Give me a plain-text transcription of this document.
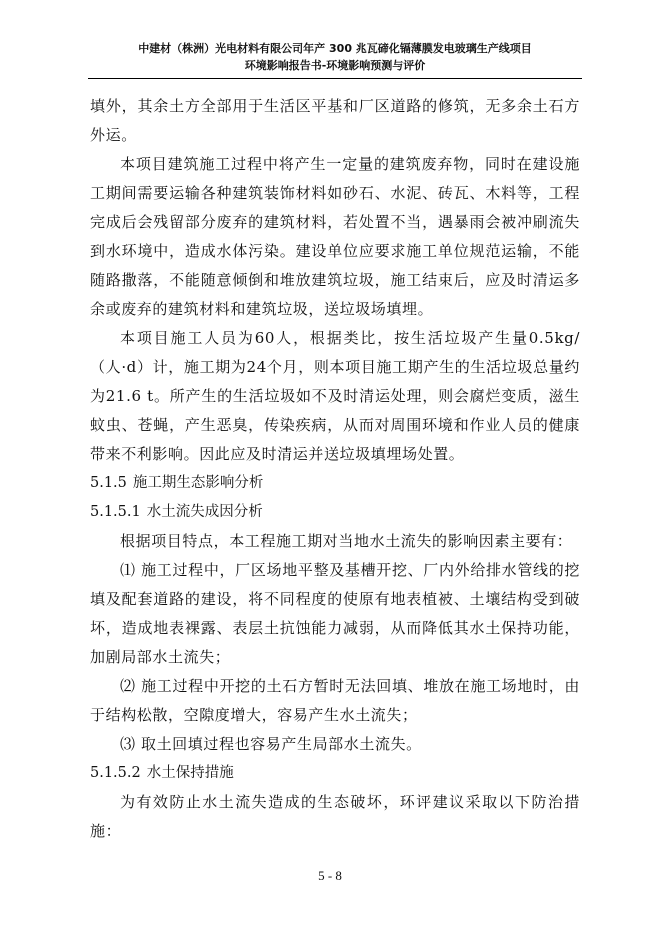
中建材（株洲）光电材料有限公司年产 300 兆瓦碲化镉薄膜发电玻璃生产线项目
环境影响报告书-环境影响预测与评价

填外，其余土方全部用于生活区平基和厂区道路的修筑，无多余土石方外运。

本项目建筑施工过程中将产生一定量的建筑废弃物，同时在建设施工期间需要运输各种建筑装饰材料如砂石、水泥、砖瓦、木料等，工程完成后会残留部分废弃的建筑材料，若处置不当，遇暴雨会被冲刷流失到水环境中，造成水体污染。建设单位应要求施工单位规范运输，不能随路撒落，不能随意倾倒和堆放建筑垃圾，施工结束后，应及时清运多余或废弃的建筑材料和建筑垃圾，送垃圾场填埋。

本项目施工人员为60人，根据类比，按生活垃圾产生量0.5kg/（人·d）计，施工期为24个月，则本项目施工期产生的生活垃圾总量约为21.6 t。所产生的生活垃圾如不及时清运处理，则会腐烂变质，滋生蚊虫、苍蝇，产生恶臭，传染疾病，从而对周围环境和作业人员的健康带来不利影响。因此应及时清运并送垃圾填埋场处置。

5.1.5 施工期生态影响分析
5.1.5.1 水土流失成因分析

根据项目特点，本工程施工期对当地水土流失的影响因素主要有：

⑴ 施工过程中，厂区场地平整及基槽开挖、厂内外给排水管线的挖填及配套道路的建设，将不同程度的使原有地表植被、土壤结构受到破坏，造成地表裸露、表层土抗蚀能力减弱，从而降低其水土保持功能，加剧局部水土流失；

⑵ 施工过程中开挖的土石方暂时无法回填、堆放在施工场地时，由于结构松散，空隙度增大，容易产生水土流失；

⑶ 取土回填过程也容易产生局部水土流失。

5.1.5.2 水土保持措施

为有效防止水土流失造成的生态破坏，环评建议采取以下防治措施：

5 - 8
